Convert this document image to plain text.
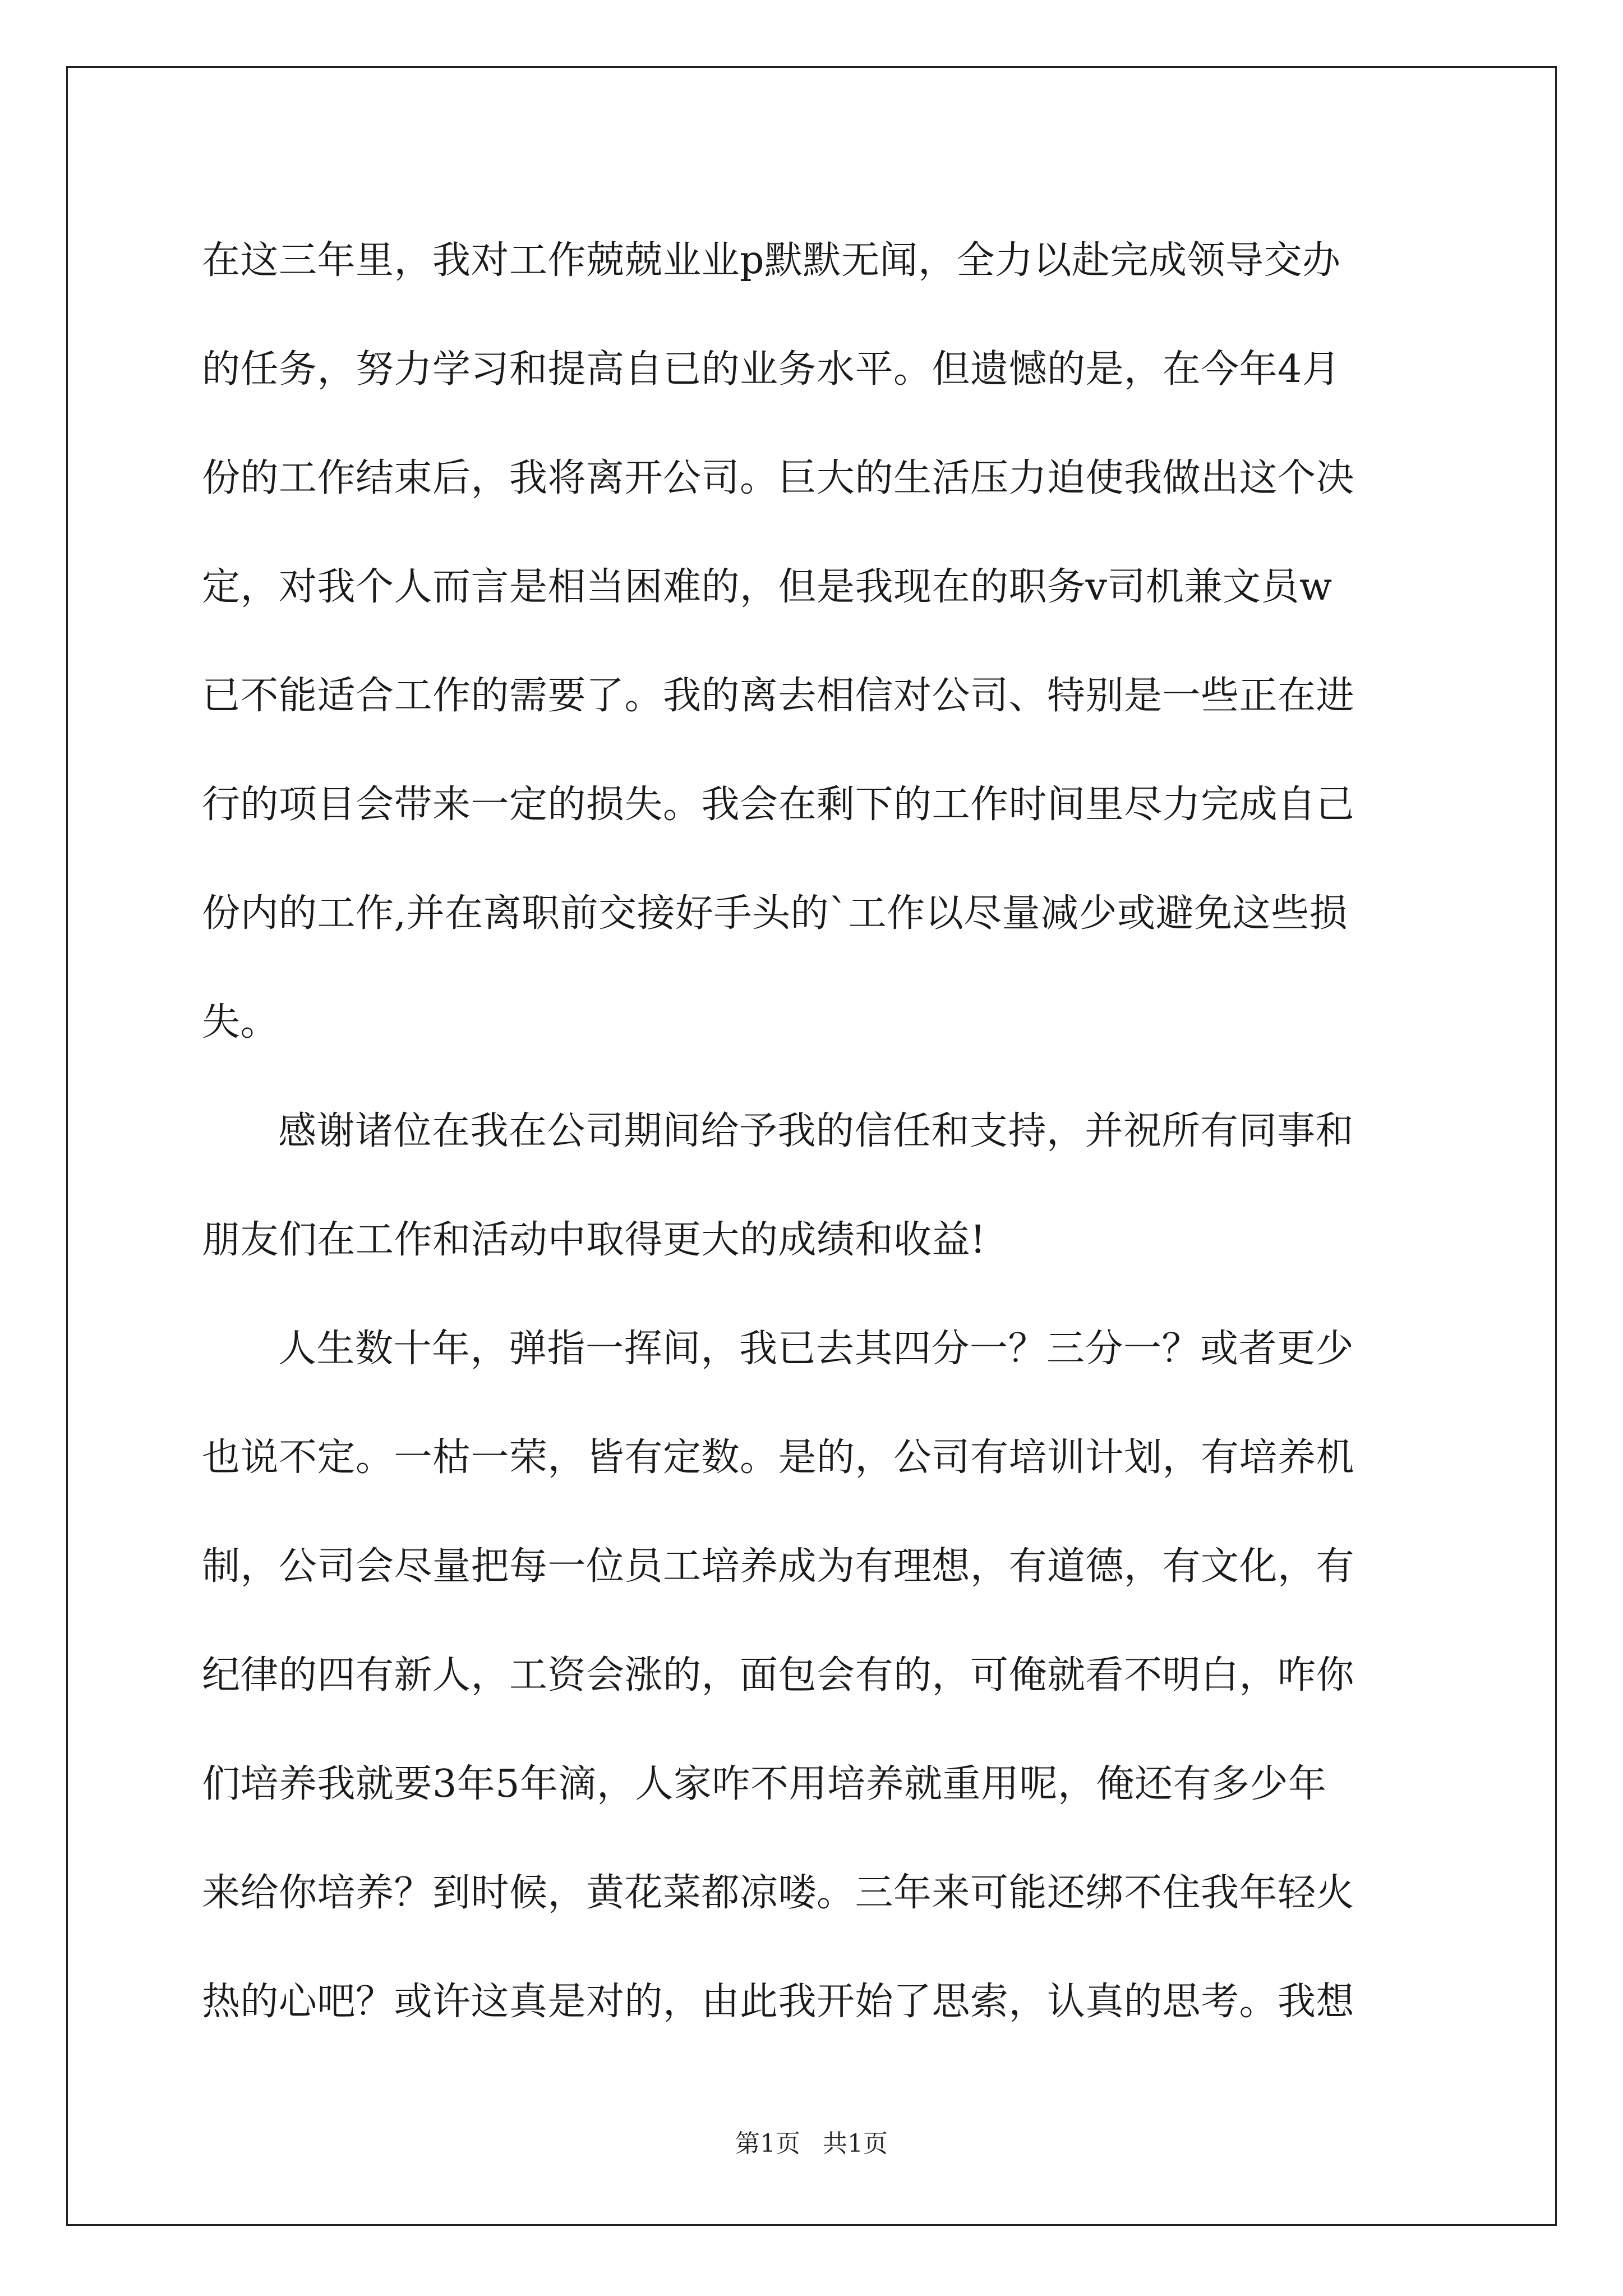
在这三年里，我对工作兢兢业业p默默无闻，全力以赴完成领导交办
的任务，努力学习和提高自已的业务水平。但遗憾的是，在今年4月
份的工作结束后，我将离开公司。巨大的生活压力迫使我做出这个决
定，对我个人而言是相当困难的，但是我现在的职务v司机兼文员w
已不能适合工作的需要了。我的离去相信对公司、特别是一些正在进
行的项目会带来一定的损失。我会在剩下的工作时间里尽力完成自己
份内的工作,并在离职前交接好手头的`工作以尽量减少或避免这些损
失。
感谢诸位在我在公司期间给予我的信任和支持，并祝所有同事和
朋友们在工作和活动中取得更大的成绩和收益!
人生数十年，弹指一挥间，我已去其四分一？三分一？或者更少
也说不定。一枯一荣，皆有定数。是的，公司有培训计划，有培养机
制，公司会尽量把每一位员工培养成为有理想，有道德，有文化，有
纪律的四有新人，工资会涨的，面包会有的，可俺就看不明白，咋你
们培养我就要3年5年滴，人家咋不用培养就重用呢，俺还有多少年
来给你培养？到时候，黄花菜都凉喽。三年来可能还绑不住我年轻火
热的心吧？或许这真是对的，由此我开始了思索，认真的思考。我想
第1页 共1页
